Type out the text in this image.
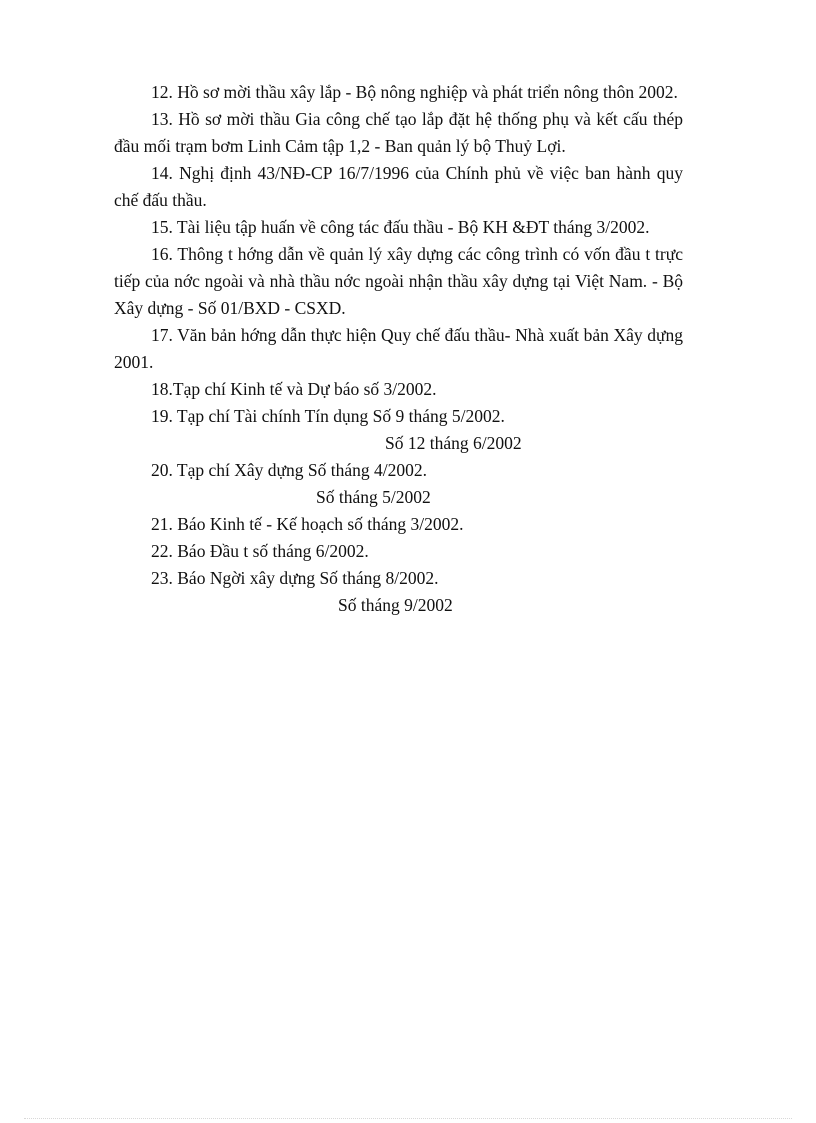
12. Hồ sơ mời thầu xây lắp - Bộ nông nghiệp và phát triển nông thôn 2002.

13. Hồ sơ mời thầu Gia công chế tạo lắp đặt hệ thống phụ và kết cấu thép đầu mối trạm bơm Linh Cảm tập 1,2 - Ban quản lý bộ Thuỷ Lợi.

14. Nghị định 43/NĐ-CP 16/7/1996 của Chính phủ về việc ban hành quy chế đấu thầu.

15. Tài liệu tập huấn về công tác đấu thầu - Bộ KH &ĐT tháng 3/2002.

16. Thông t hớng dẫn về quản lý xây dựng các công trình có vốn đầu t trực tiếp của nớc ngoài và nhà thầu nớc ngoài nhận thầu xây dựng tại Việt Nam. - Bộ Xây dựng - Số 01/BXD - CSXD.

17. Văn bản hớng dẫn thực hiện Quy chế đấu thầu- Nhà xuất bản Xây dựng 2001.

18.Tạp chí Kinh tế và Dự báo số 3/2002.

19. Tạp chí Tài chính Tín dụng Số 9 tháng 5/2002.

Số 12 tháng 6/2002

20. Tạp chí Xây dựng Số tháng 4/2002.

Số tháng 5/2002

21. Báo Kinh tế - Kế hoạch số tháng 3/2002.

22. Báo Đầu t số tháng 6/2002.

23. Báo Ngời xây dựng Số tháng 8/2002.

Số tháng 9/2002
